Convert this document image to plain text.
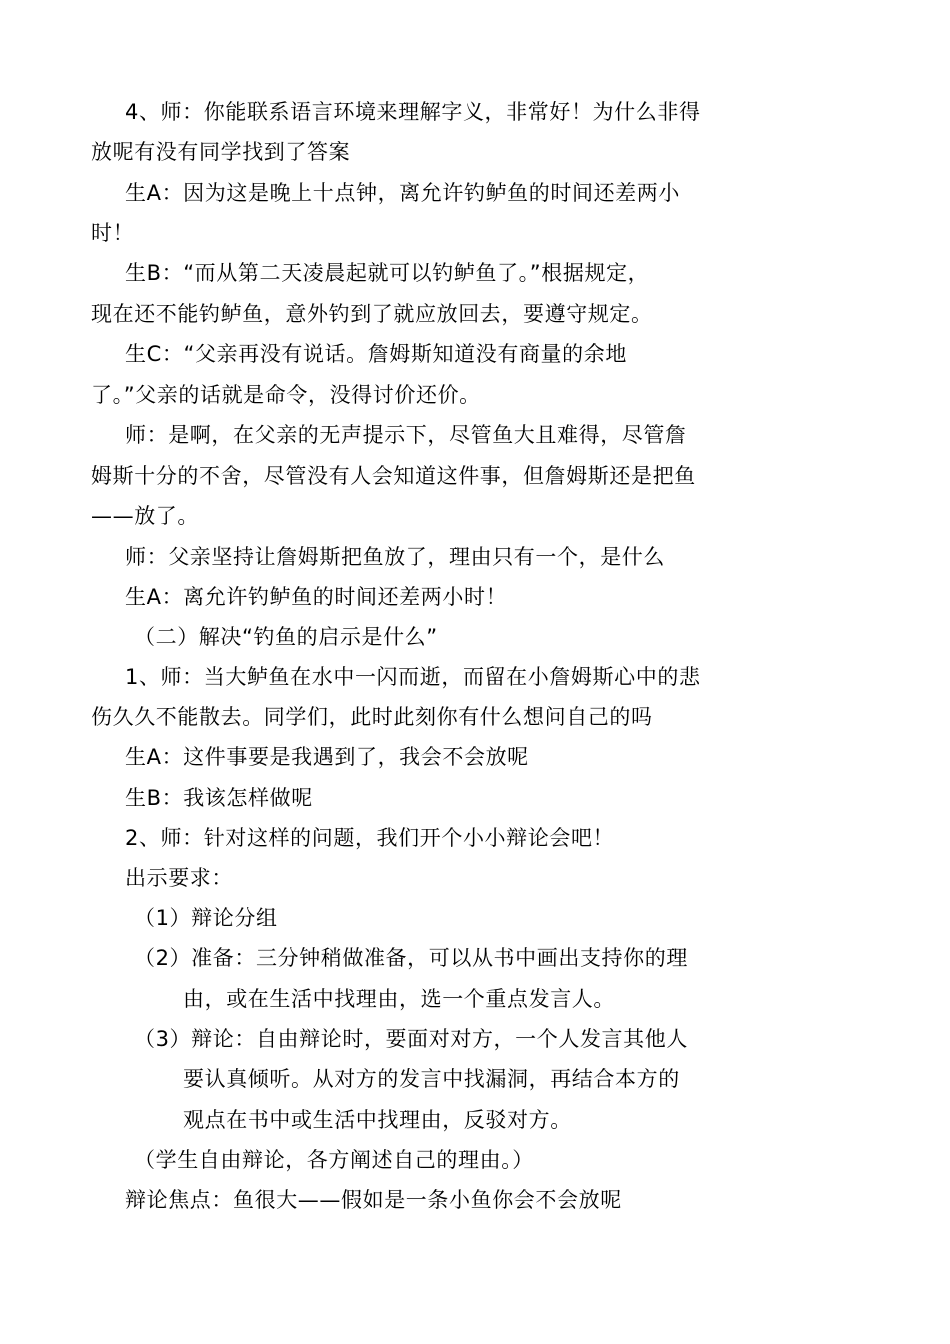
4、师：你能联系语言环境来理解字义，非常好！为什么非得
放呢有没有同学找到了答案
生A：因为这是晚上十点钟，离允许钓鲈鱼的时间还差两小
时！
生B：“而从第二天凌晨起就可以钓鲈鱼了。”根据规定，
现在还不能钓鲈鱼，意外钓到了就应放回去，要遵守规定。
生C：“父亲再没有说话。詹姆斯知道没有商量的余地
了。”父亲的话就是命令，没得讨价还价。
师：是啊，在父亲的无声提示下，尽管鱼大且难得，尽管詹
姆斯十分的不舍，尽管没有人会知道这件事，但詹姆斯还是把鱼
——放了。
师：父亲坚持让詹姆斯把鱼放了，理由只有一个，是什么
生A：离允许钓鲈鱼的时间还差两小时！
（二）解决“钓鱼的启示是什么”
1、师：当大鲈鱼在水中一闪而逝，而留在小詹姆斯心中的悲
伤久久不能散去。同学们，此时此刻你有什么想问自己的吗
生A：这件事要是我遇到了，我会不会放呢
生B：我该怎样做呢
2、师：针对这样的问题，我们开个小小辩论会吧！
出示要求：
（1）辩论分组
（2）准备：三分钟稍做准备，可以从书中画出支持你的理
由，或在生活中找理由，选一个重点发言人。
（3）辩论：自由辩论时，要面对对方，一个人发言其他人
要认真倾听。从对方的发言中找漏洞，再结合本方的
观点在书中或生活中找理由，反驳对方。
（学生自由辩论，各方阐述自己的理由。）
辩论焦点：鱼很大——假如是一条小鱼你会不会放呢
